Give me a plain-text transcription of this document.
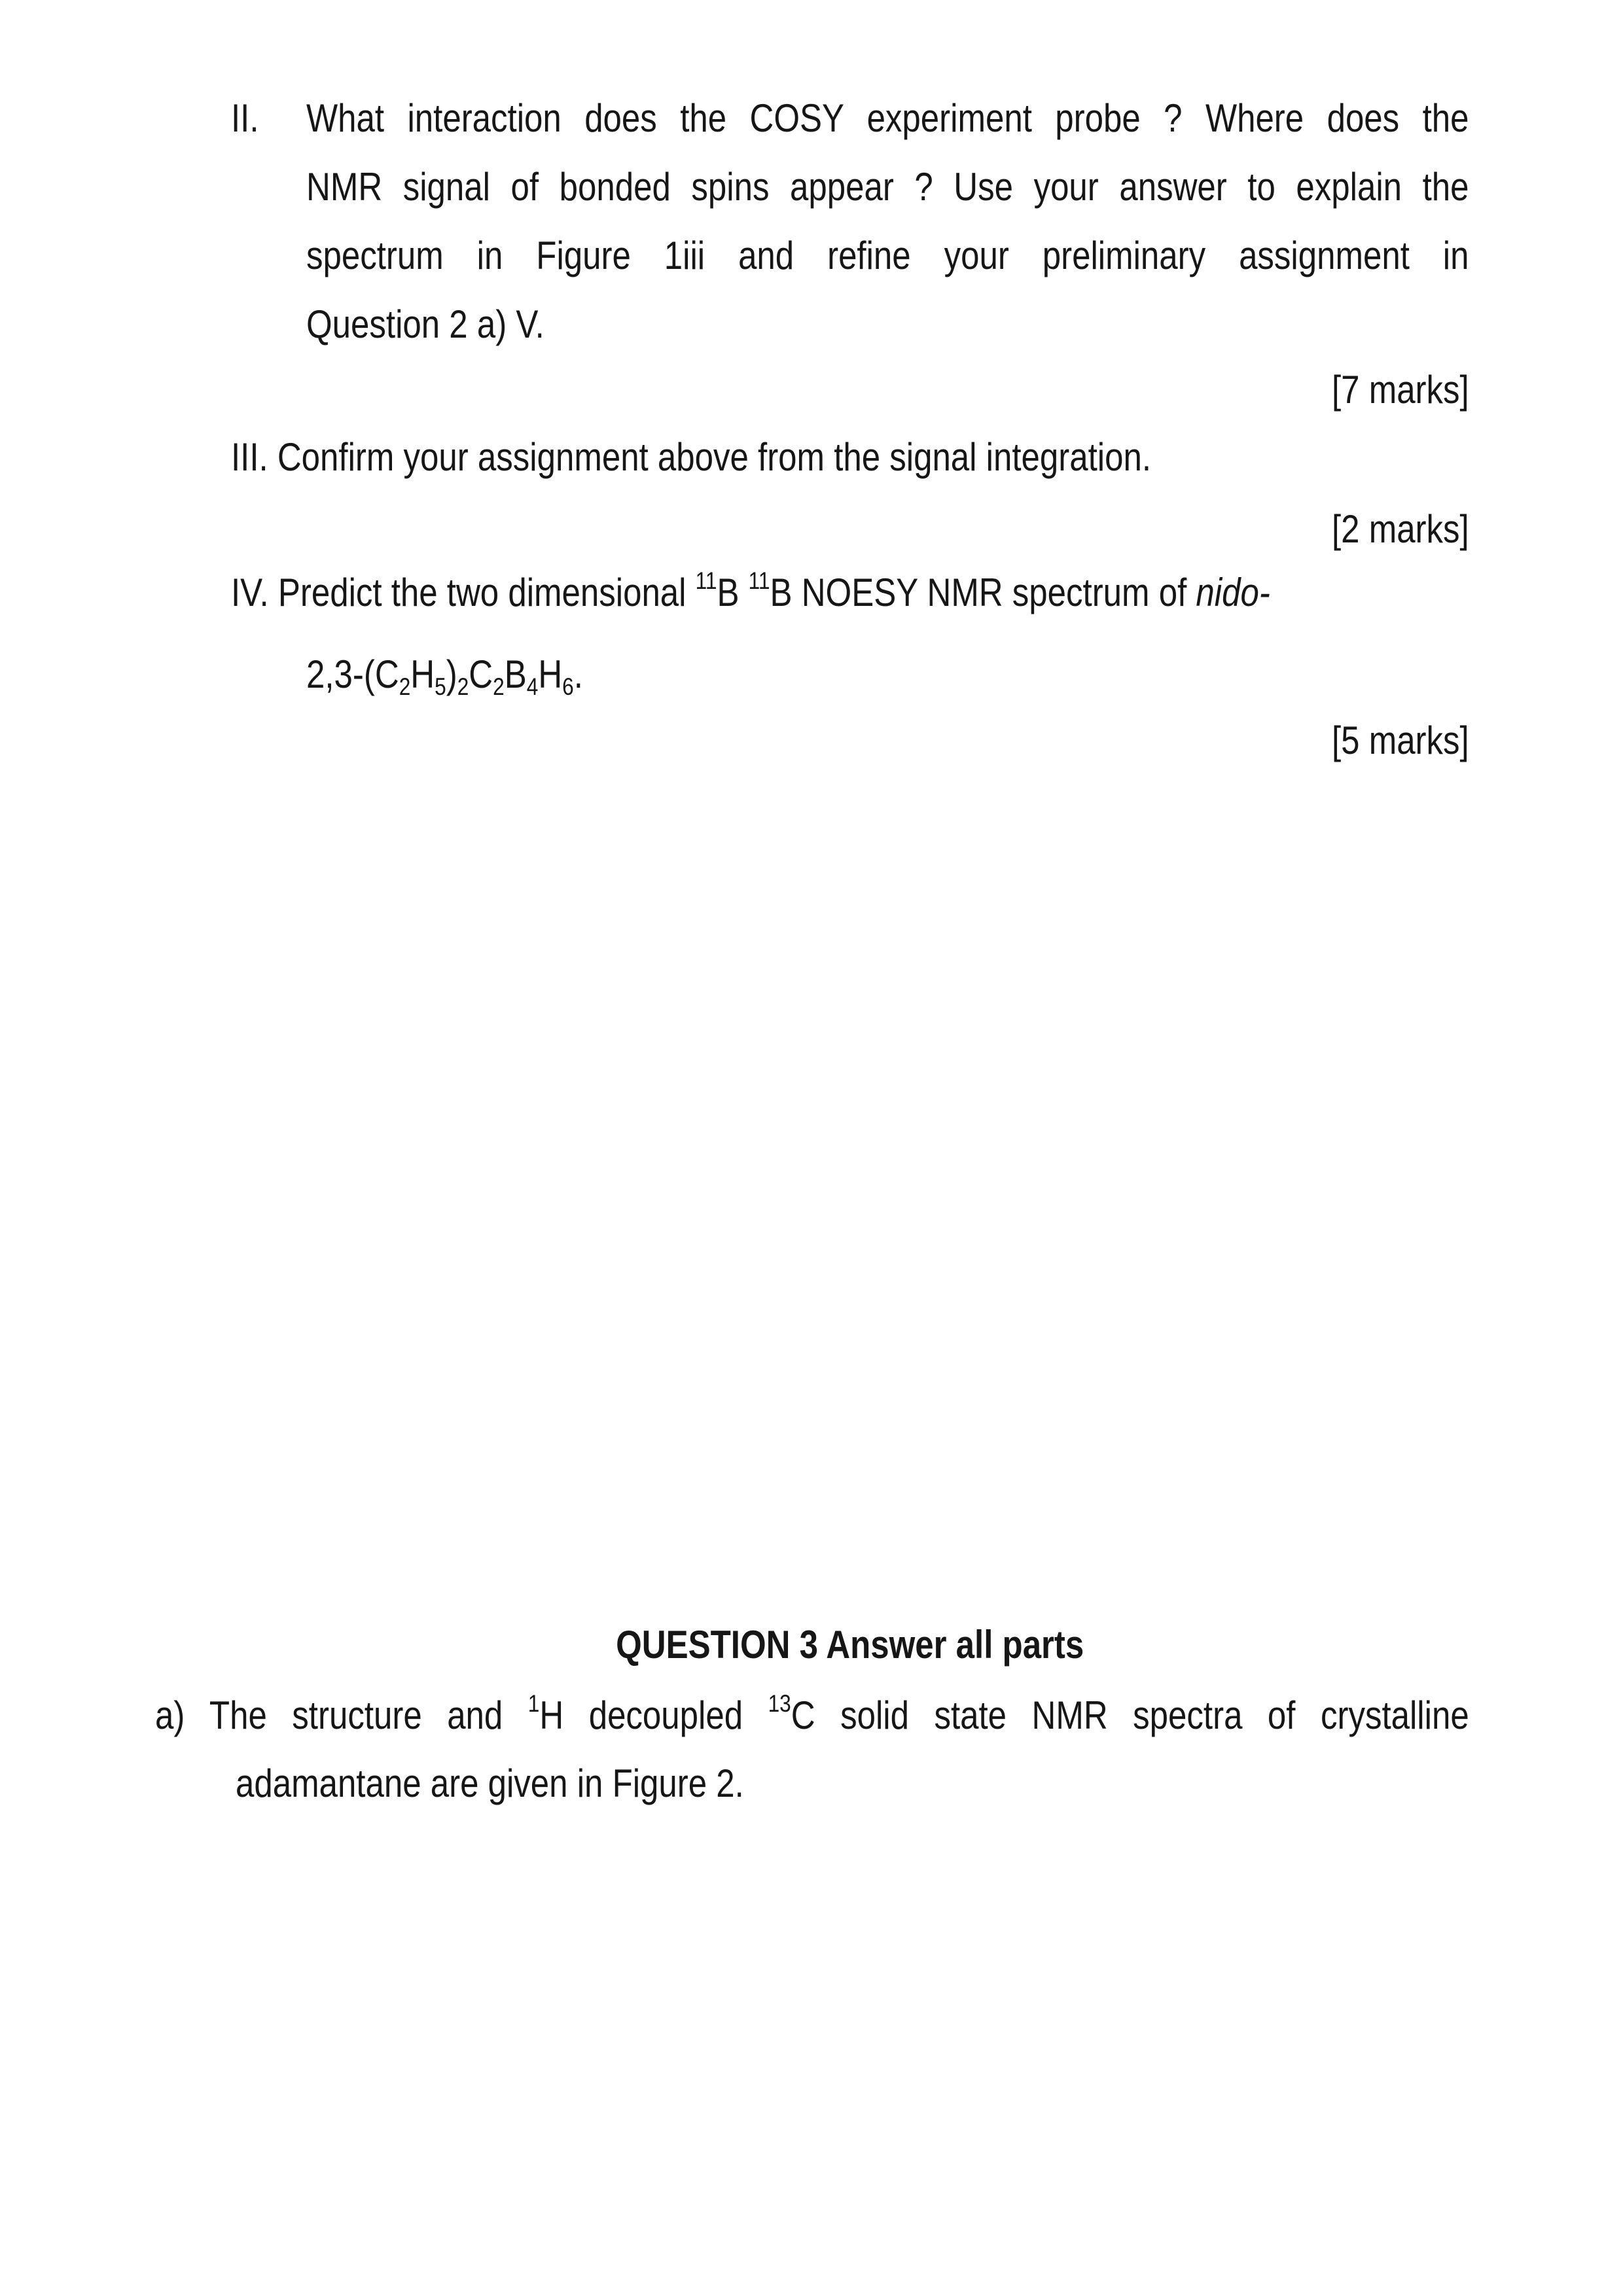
II. What interaction does the COSY experiment probe ? Where does the
NMR signal of bonded spins appear ? Use your answer to explain the
spectrum in Figure 1iii and refine your preliminary assignment in
Question 2 a) V.
[7 marks]
III. Confirm your assignment above from the signal integration.
[2 marks]
IV. Predict the two dimensional $^{11}$B $^{11}$B NOESY NMR spectrum of nido-
$2,3-(C_2H_5)_2C_2B_4H_6$.
[5 marks]
QUESTION 3 Answer all parts
a) The structure and $^1$H decoupled $^{13}$C solid state NMR spectra of crystalline
adamantane are given in Figure 2.
